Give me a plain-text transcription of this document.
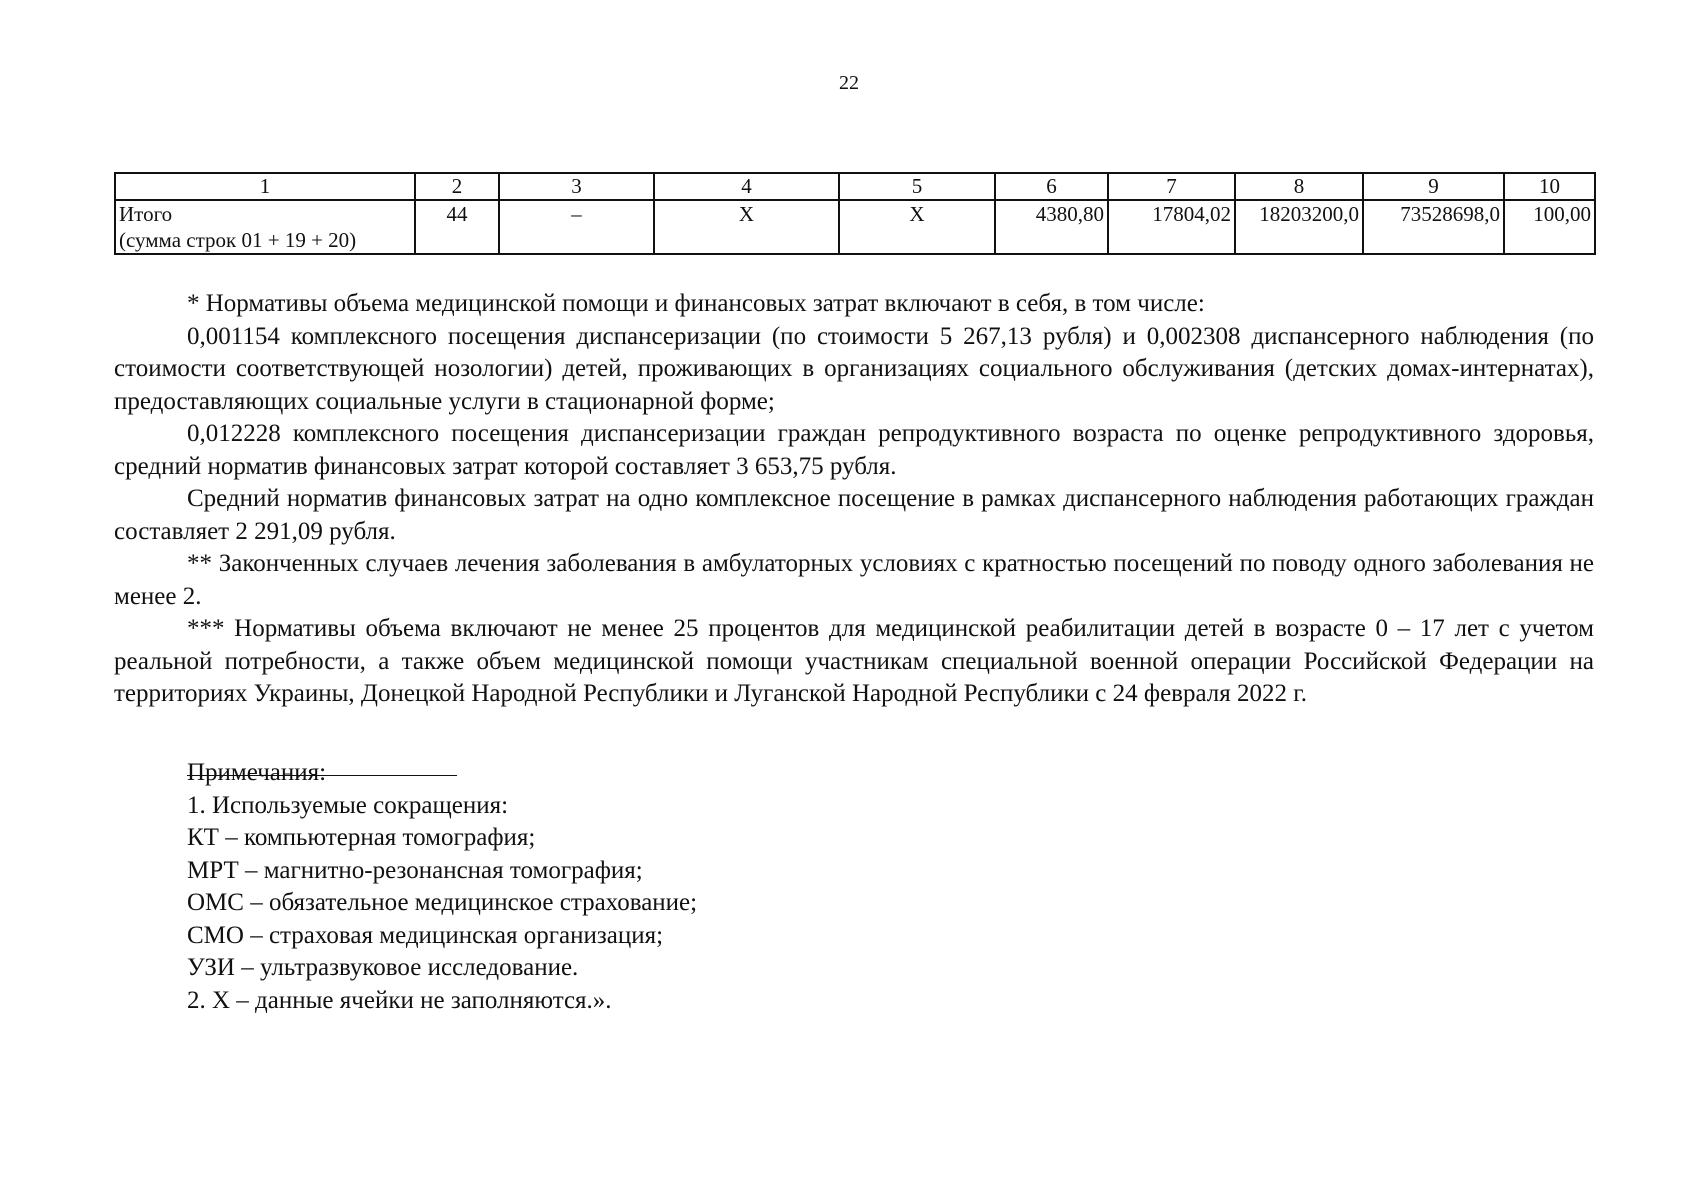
22
1	2	3	4	5	6	7	8	9	10

Итого
(сумма строк 01 + 19 + 20)	44	–	Х	Х	4380,80	17804,02	18203200,0	73528698,0	100,00

* Нормативы объема медицинской помощи и финансовых затрат включают в себя, в том числе:

0,001154 комплексного посещения диспансеризации (по стоимости 5 267,13 рубля) и 0,002308 диспансерного наблюдения (по стоимости соответствующей нозологии) детей, проживающих в организациях социального обслуживания (детских домах-интернатах), предоставляющих социальные услуги в стационарной форме;

0,012228 комплексного посещения диспансеризации граждан репродуктивного возраста по оценке репродуктивного здоровья, средний норматив финансовых затрат которой составляет 3 653,75 рубля.

Средний норматив финансовых затрат на одно комплексное посещение в рамках диспансерного наблюдения работающих граждан составляет 2 291,09 рубля.

** Законченных случаев лечения заболевания в амбулаторных условиях с кратностью посещений по поводу одного заболевания не менее 2.

*** Нормативы объема включают не менее 25 процентов для медицинской реабилитации детей в возрасте 0 – 17 лет с учетом реальной потребности, а также объем медицинской помощи участникам специальной военной операции Российской Федерации на территориях Украины, Донецкой Народной Республики и Луганской Народной Республики с 24 февраля 2022 г.

Примечания:
1. Используемые сокращения:
КТ – компьютерная томография;
МРТ – магнитно-резонансная томография;
ОМС – обязательное медицинское страхование;
СМО – страховая медицинская организация;
УЗИ – ультразвуковое исследование.
2. Х – данные ячейки не заполняются.».
